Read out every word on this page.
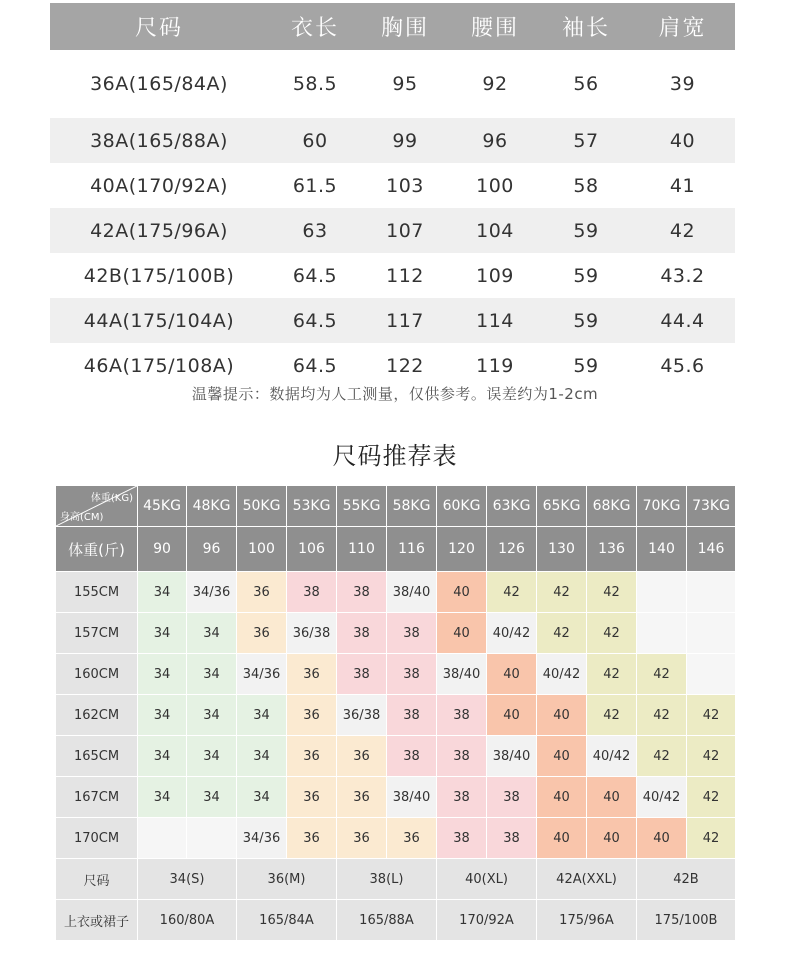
尺码	衣长	胸围	腰围	袖长	肩宽
36A(165/84A)	58.5	95	92	56	39
38A(165/88A)	60	99	96	57	40
40A(170/92A)	61.5	103	100	58	41
42A(175/96A)	63	107	104	59	42
42B(175/100B)	64.5	112	109	59	43.2
44A(175/104A)	64.5	117	114	59	44.4
46A(175/108A)	64.5	122	119	59	45.6
温馨提示：数据均为人工测量，仅供参考。误差约为1-2cm
尺码推荐表
体重(KG)
身高(CM)	45KG	48KG	50KG	53KG	55KG	58KG	60KG	63KG	65KG	68KG	70KG	73KG
体重(斤)	90	96	100	106	110	116	120	126	130	136	140	146
155CM	34	34/36	36	38	38	38/40	40	42	42	42		
157CM	34	34	36	36/38	38	38	40	40/42	42	42		
160CM	34	34	34/36	36	38	38	38/40	40	40/42	42	42	
162CM	34	34	34	36	36/38	38	38	40	40	42	42	42
165CM	34	34	34	36	36	38	38	38/40	40	40/42	42	42
167CM	34	34	34	36	36	38/40	38	38	40	40	40/42	42
170CM			34/36	36	36	36	38	38	40	40	40	42
尺码	34(S)		36(M)		38(L)		40(XL)		42A(XXL)		42B	
上衣或裙子	160/80A		165/84A		165/88A		170/92A		175/96A		175/100B	
